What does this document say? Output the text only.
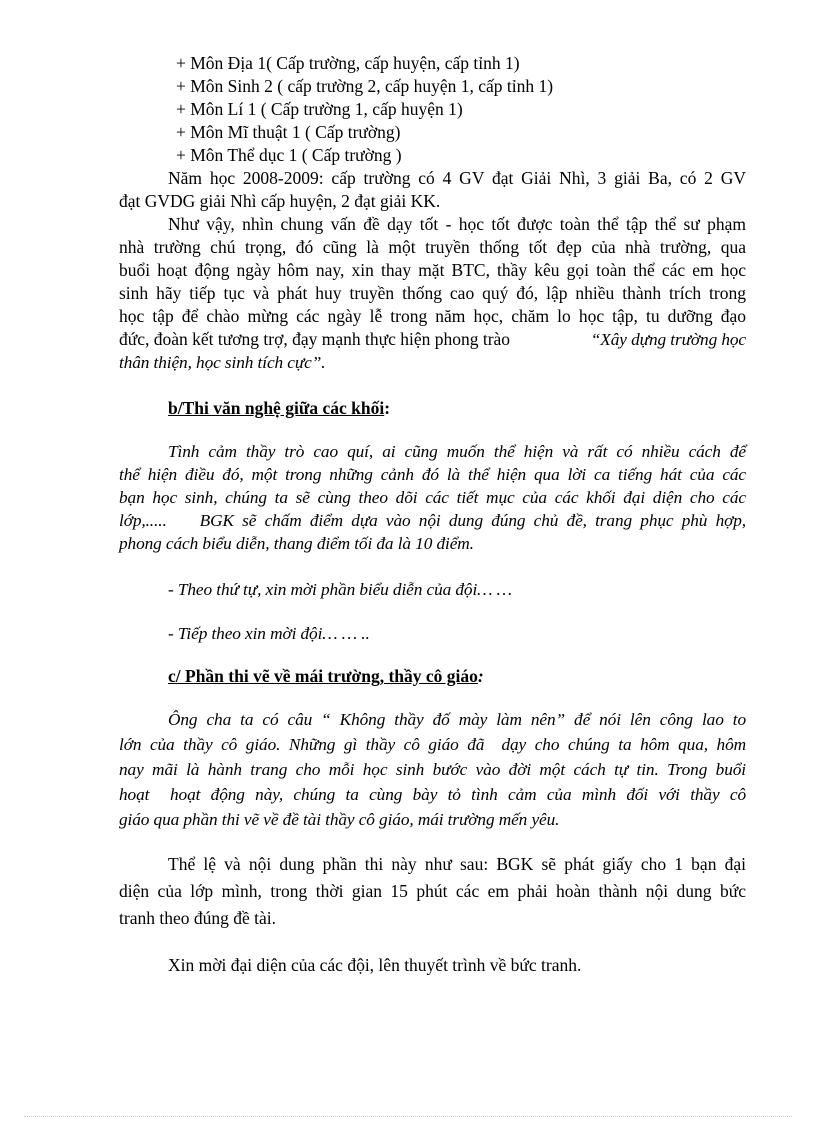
+ Môn Địa 1( Cấp trường, cấp huyện, cấp tỉnh 1)
+ Môn Sinh 2 ( cấp trường 2, cấp huyện 1, cấp tỉnh 1)
+ Môn Lí 1 ( Cấp trường 1, cấp huyện 1)
+ Môn Mĩ thuật 1 ( Cấp trường)
+ Môn Thể dục 1 ( Cấp trường )
Năm học 2008-2009: cấp trường có 4 GV đạt Giải Nhì, 3 giải Ba, có 2 GV
đạt GVDG giải Nhì cấp huyện, 2 đạt giải KK.
Như vậy, nhìn chung vấn đề dạy tốt - học tốt được toàn thể tập thể sư phạm
nhà trường chú trọng, đó cũng là một truyền thống tốt đẹp của nhà trường, qua
buổi hoạt động ngày hôm nay, xin thay mặt BTC, thầy kêu gọi toàn thể các em học
sinh hãy tiếp tục và phát huy truyền thống cao quý đó, lập nhiều thành trích trong
học tập để chào mừng các ngày lễ trong năm học, chăm lo học tập, tu dưỡng đạo
đức, đoàn kết tương trợ, đạy mạnh thực hiện phong trào	“Xây dựng trường học
thân thiện, học sinh tích cực”.
b/Thi văn nghệ giữa các khối:
Tình cảm thầy trò cao quí, ai cũng muốn thể hiện và rất có nhiều cách để
thể hiện điều đó, một trong những cảnh đó là thể hiện qua lời ca tiếng hát của các
bạn học sinh, chúng ta sẽ cùng theo dõi các tiết mục của các khối đại diện cho các
lớp,.....    BGK sẽ chấm điểm dựa vào nội dung đúng chủ đề, trang phục phù hợp,
phong cách biểu diễn, thang điểm tối đa là 10 điểm.
- Theo thứ tự, xin mời phần biểu diễn của đội… …
- Tiếp theo xin mời đội… … ..
c/ Phần thi vẽ về mái trường, thầy cô giáo:
Ông cha ta có câu “ Không thầy đố mày làm nên” để nói lên công lao to
lớn của thầy cô giáo. Những gì thầy cô giáo đã  dạy cho chúng ta hôm qua, hôm
nay mãi là hành trang cho mỗi học sinh bước vào đời một cách tự tin. Trong buổi
hoạt  hoạt động này, chúng ta cùng bày tỏ tình cảm của mình đối với thầy cô
giáo qua phần thi vẽ về đề tài thầy cô giáo, mái trường mến yêu.
Thể lệ và nội dung phần thi này như sau: BGK sẽ phát giấy cho 1 bạn đại
diện của lớp mình, trong thời gian 15 phút các em phải hoàn thành nội dung bức
tranh theo đúng đề tài.
Xin mời đại diện của các đội, lên thuyết trình về bức tranh.
